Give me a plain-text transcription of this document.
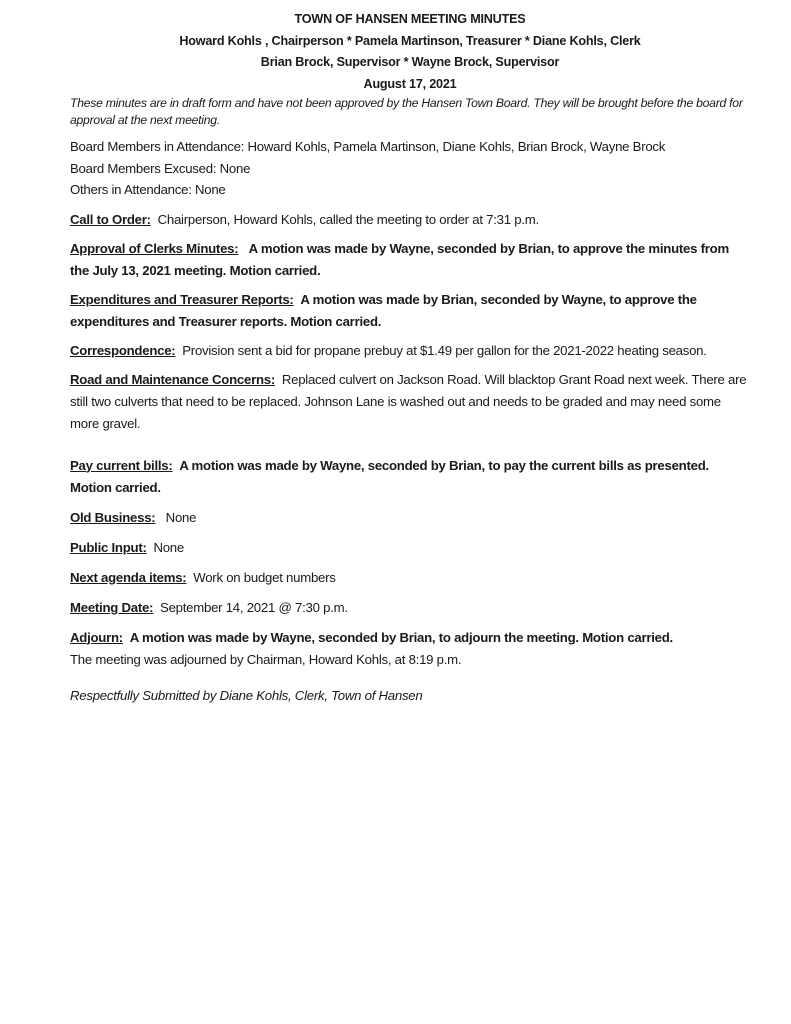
TOWN OF HANSEN MEETING MINUTES
Howard Kohls , Chairperson * Pamela Martinson, Treasurer * Diane Kohls, Clerk
Brian Brock, Supervisor * Wayne Brock, Supervisor
August 17, 2021
These minutes are in draft form and have not been approved by the Hansen Town Board. They will be brought before the board for approval at the next meeting.
Board Members in Attendance: Howard Kohls, Pamela Martinson, Diane Kohls, Brian Brock, Wayne Brock
Board Members Excused: None
Others in Attendance: None
Call to Order: Chairperson, Howard Kohls, called the meeting to order at 7:31 p.m.
Approval of Clerks Minutes: A motion was made by Wayne, seconded by Brian, to approve the minutes from the July 13, 2021 meeting. Motion carried.
Expenditures and Treasurer Reports: A motion was made by Brian, seconded by Wayne, to approve the expenditures and Treasurer reports. Motion carried.
Correspondence: Provision sent a bid for propane prebuy at $1.49 per gallon for the 2021-2022 heating season.
Road and Maintenance Concerns: Replaced culvert on Jackson Road. Will blacktop Grant Road next week. There are still two culverts that need to be replaced. Johnson Lane is washed out and needs to be graded and may need some more gravel.
Pay current bills: A motion was made by Wayne, seconded by Brian, to pay the current bills as presented. Motion carried.
Old Business: None
Public Input: None
Next agenda items: Work on budget numbers
Meeting Date: September 14, 2021 @ 7:30 p.m.
Adjourn: A motion was made by Wayne, seconded by Brian, to adjourn the meeting. Motion carried.
The meeting was adjourned by Chairman, Howard Kohls, at 8:19 p.m.
Respectfully Submitted by Diane Kohls, Clerk, Town of Hansen
